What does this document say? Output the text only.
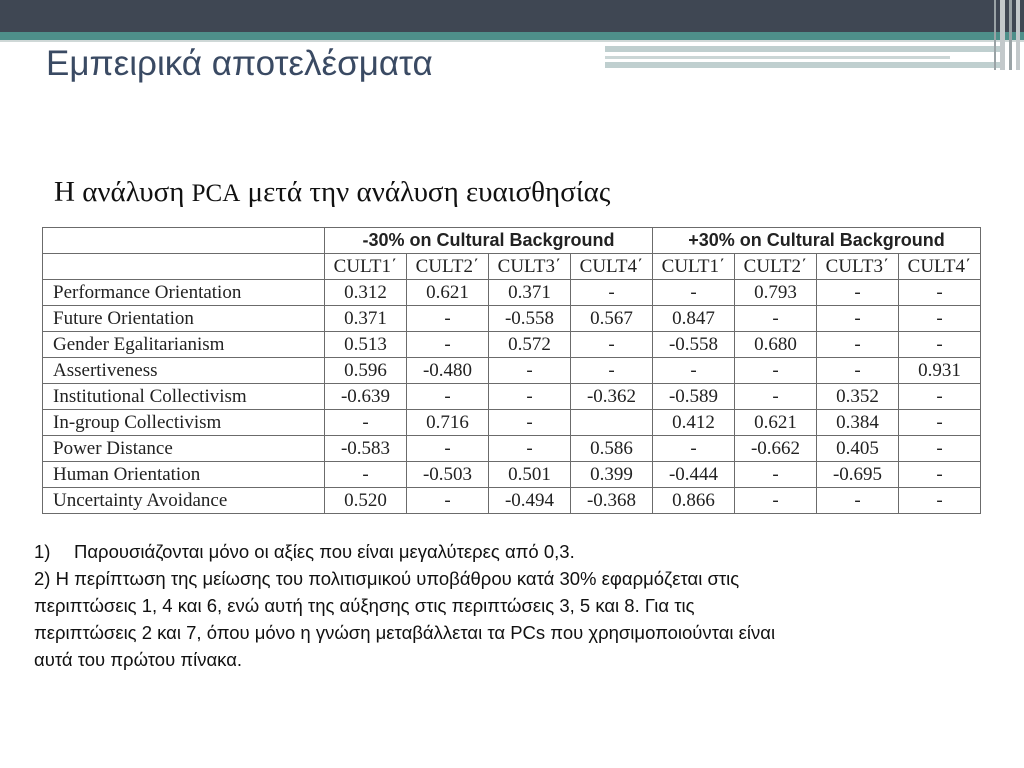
Εμπειρικά αποτελέσματα
Η ανάλυση PCA μετά την ανάλυση ευαισθησίας
	-30% on Cultural Background				+30% on Cultural Background			
	CULT1΄	CULT2΄	CULT3΄	CULT4΄	CULT1΄	CULT2΄	CULT3΄	CULT4΄
Performance Orientation	0.312	0.621	0.371	-	-	0.793	-	-
Future Orientation	0.371	-	-0.558	0.567	0.847	-	-	-
Gender Egalitarianism	0.513	-	0.572	-	-0.558	0.680	-	-
Assertiveness	0.596	-0.480	-	-	-	-	-	0.931
Institutional Collectivism	-0.639	-	-	-0.362	-0.589	-	0.352	-
In-group Collectivism	-	0.716	-		0.412	0.621	0.384	-
Power Distance	-0.583	-	-	0.586	-	-0.662	0.405	-
Human Orientation	-	-0.503	0.501	0.399	-0.444	-	-0.695	-
Uncertainty Avoidance	0.520	-	-0.494	-0.368	0.866	-	-	-
1) Παρουσιάζονται μόνο οι αξίες που είναι μεγαλύτερες από 0,3.
2) Η περίπτωση της μείωσης του πολιτισμικού υποβάθρου κατά 30% εφαρμόζεται στις
περιπτώσεις 1, 4 και 6, ενώ αυτή της αύξησης στις περιπτώσεις 3, 5 και 8. Για τις
περιπτώσεις 2 και 7, όπου μόνο η γνώση μεταβάλλεται τα PCs που χρησιμοποιούνται είναι
αυτά του πρώτου πίνακα.
